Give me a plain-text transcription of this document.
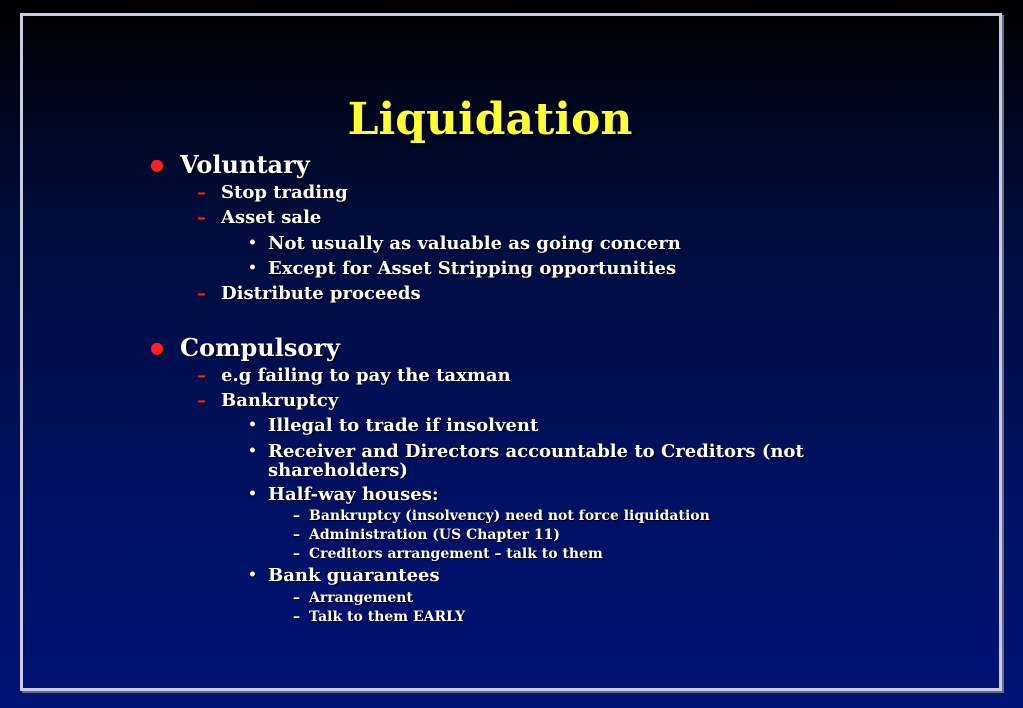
Liquidation
● Voluntary
– Stop trading
– Asset sale
• Not usually as valuable as going concern
• Except for Asset Stripping opportunities
– Distribute proceeds
● Compulsory
– e.g failing to pay the taxman
– Bankruptcy
• Illegal to trade if insolvent
• Receiver and Directors accountable to Creditors (not
shareholders)
• Half-way houses:
– Bankruptcy (insolvency) need not force liquidation
– Administration (US Chapter 11)
– Creditors arrangement – talk to them
• Bank guarantees
– Arrangement
– Talk to them EARLY
